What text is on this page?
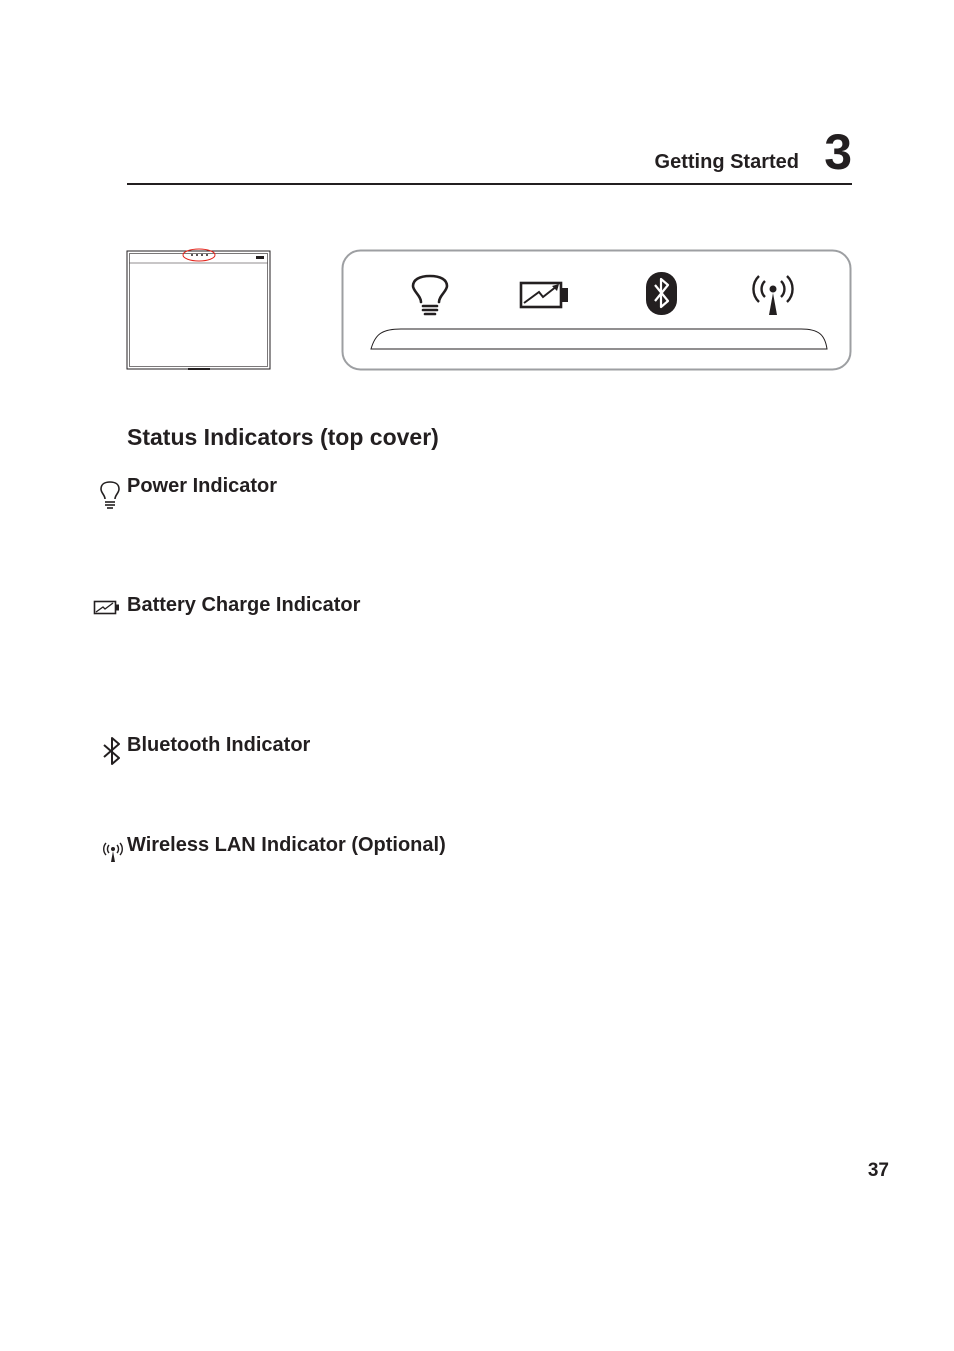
Getting Started 3
Status Indicators (top cover)
Power Indicator
Battery Charge Indicator
Bluetooth Indicator
Wireless LAN Indicator (Optional)
37
